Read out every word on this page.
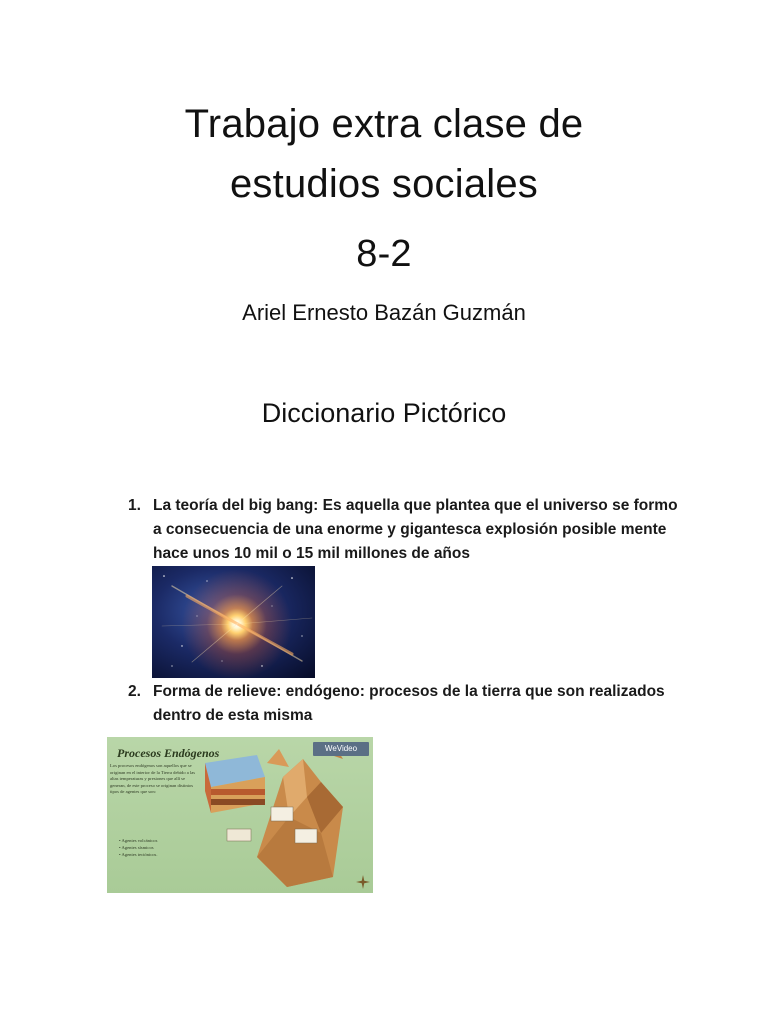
Trabajo extra clase de
estudios sociales
8-2
Ariel Ernesto Bazán Guzmán
Diccionario Pictórico
1. La teoría del big bang: Es aquella que plantea que el universo se formo a consecuencia de una enorme y gigantesca explosión posible mente hace unos 10 mil o 15 mil millones de años
2. Forma de relieve: endógeno: procesos de la tierra que son realizados dentro de esta misma
Procesos Endógenos
Los procesos endógenos son aquellos que se originan en el interior de la Tierra debido a las altas temperaturas y presiones que allí se generan, de este proceso se originan distintos tipos de agentes que son:
• Agentes volcánicos
• Agentes sísmicos
• Agentes tectónicos.
WeVideo
